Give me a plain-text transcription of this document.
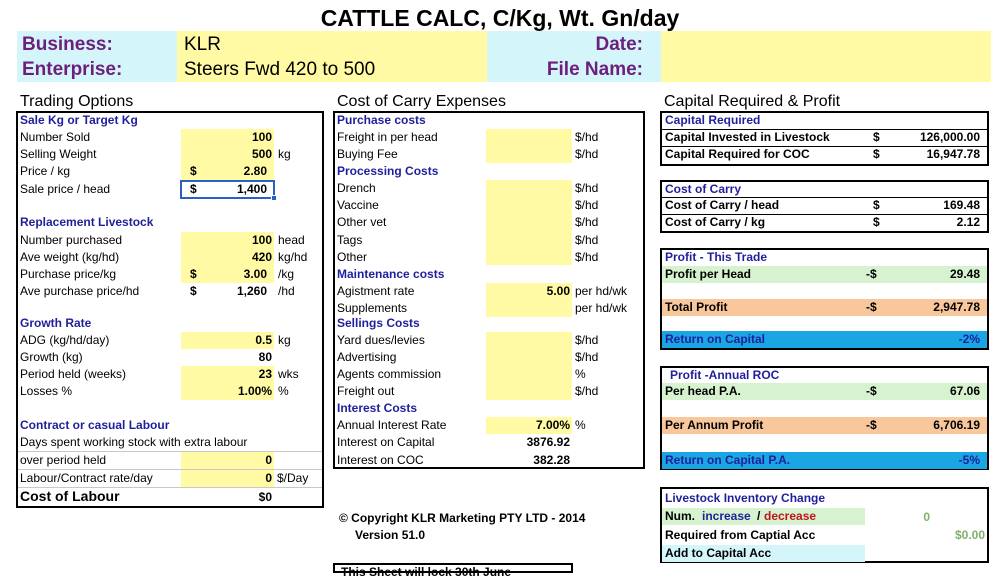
CATTLE CALC, C/Kg, Wt. Gn/day
Business:	KLR
Enterprise:	Steers Fwd 420 to 500
Date:
File Name:
Trading Options	Cost of Carry Expenses	Capital Required & Profit
Sale Kg or Target Kg
Number Sold	100
Selling Weight	500 kg
Price / kg	$	2.80
Sale price / head	$	1,400
Replacement Livestock
Number purchased	100 head
Ave weight (kg/hd)	420 kg/hd
Purchase price/kg	$	3.00 /kg
Ave purchase price/hd	$	1,260 /hd
Growth Rate
ADG (kg/hd/day)	0.5 kg
Growth (kg)	80
Period held (weeks)	23 wks
Losses %	1.00% %
Contract or casual Labour
Days spent working stock with extra labour
over period held	0
Labour/Contract rate/day	0 $/Day
Cost of Labour	$0
Purchase costs
Freight in per head	$/hd
Buying Fee	$/hd
Processing Costs
Drench	$/hd
Vaccine	$/hd
Other vet	$/hd
Tags	$/hd
Other	$/hd
Maintenance costs
Agistment rate	5.00 per hd/wk
Supplements	per hd/wk
Sellings Costs
Yard dues/levies	$/hd
Advertising	$/hd
Agents commission	%
Freight out	$/hd
Interest Costs
Annual Interest Rate	7.00% %
Interest on Capital	3876.92
Interest on COC	382.28
Capital Required
Capital Invested in Livestock	$	126,000.00
Capital Required for COC	$	16,947.78
Cost of Carry
Cost of Carry / head	$	169.48
Cost of Carry / kg	$	2.12
Profit - This Trade
Profit per Head	-$	29.48
Total Profit	-$	2,947.78
Return on Capital	-2%
Profit -Annual ROC
Per head P.A.	-$	67.06
Per Annum Profit	-$	6,706.19
Return on Capital P.A.	-5%
Livestock Inventory Change
Num. increase / decrease	0
Required from Captial Acc	$0.00
Add to Capital Acc
© Copyright KLR Marketing PTY LTD - 2014
Version 51.0
This Sheet will lock 30th June
